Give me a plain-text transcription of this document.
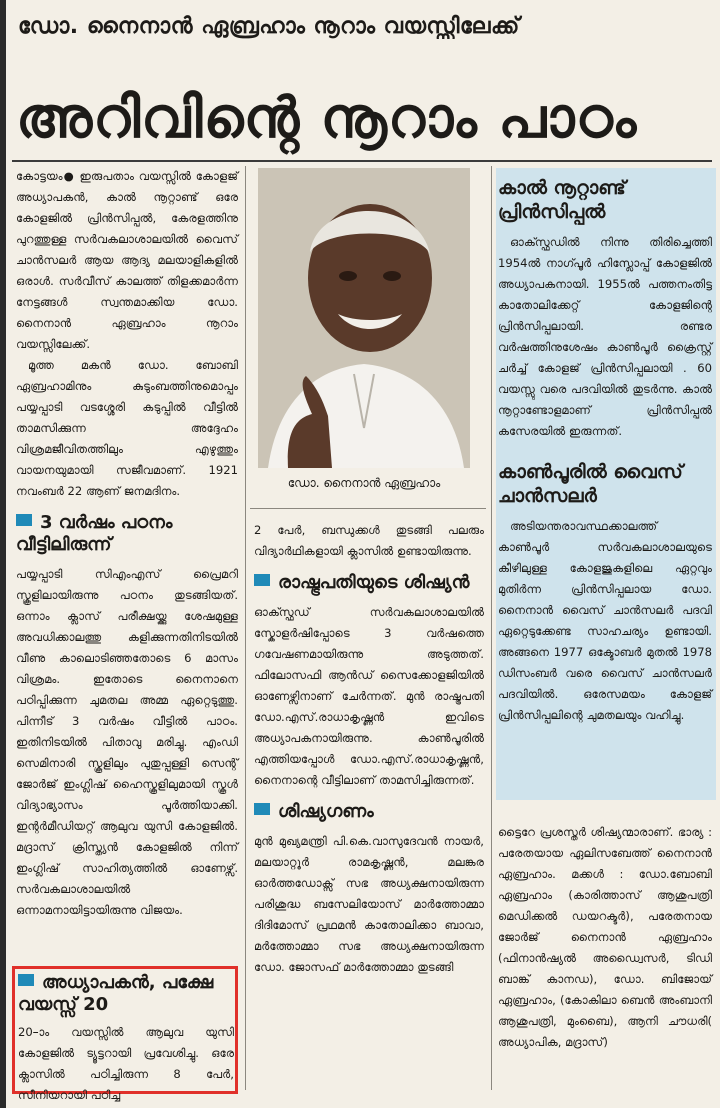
ഡോ. നൈനാൻ ഏബ്രഹാം നൂറാം വയസ്സിലേക്ക്
അറിവിന്റെ നൂറാം പാഠം

കോട്ടയം● ഇരുപതാം വയസ്സിൽ കോളജ് അധ്യാപകൻ, കാൽ നൂറ്റാണ്ട് ഒരേ കോളജിൽ പ്രിൻസിപ്പൽ, കേരളത്തിനു പുറത്തുള്ള സർവകലാശാലയിൽ വൈസ് ചാൻസലർ ആയ ആദ്യ മലയാളികളിൽ ഒരാൾ. സർവീസ് കാലത്ത് തിളക്കമാർന്ന നേട്ടങ്ങൾ സ്വന്തമാക്കിയ ഡോ. നൈനാൻ ഏബ്രഹാം നൂറാം വയസ്സിലേക്ക്.

മൂത്ത മകൻ ഡോ. ബോബി ഏബ്രഹാമിനും കുടുംബത്തിനുമൊപ്പം പയ്യപ്പാടി വടശ്ശേരി കടുപ്പിൽ വീട്ടിൽ താമസിക്കുന്ന അദ്ദേഹം വിശ്രമജീവിതത്തിലും എഴുത്തും വായനയുമായി സജീവമാണ്. 1921 നവംബർ 22 ആണ് ജനമദിനം.

3 വർഷം പഠനം വീട്ടിലിരുന്ന്

പയ്യപ്പാടി സിഎംഎസ് പ്രൈമറി സ്കൂളിലായിരുന്നു പഠനം തുടങ്ങിയത്. ഒന്നാം ക്ലാസ് പരീക്ഷയ്ക്കു ശേഷമുള്ള അവധിക്കാലത്തു കളിക്കുന്നതിനിടയിൽ വീണു കാലൊടിഞ്ഞതോടെ 6 മാസം വിശ്രമം. ഇതോടെ നൈനാനെ പഠിപ്പിക്കുന്ന ചുമതല അമ്മ ഏറ്റെടുത്തു. പിന്നീട് 3 വർഷം വീട്ടിൽ പാഠം. ഇതിനിടയിൽ പിതാവു മരിച്ചു. എംഡി സെമിനാരി സ്കൂളിലും പുതുപ്പള്ളി സെന്റ് ജോർജ് ഇംഗ്ലിഷ് ഹൈസ്കൂളിലുമായി സ്കൂൾ വിദ്യാഭ്യാസം പൂർത്തിയാക്കി. ഇന്റർമീഡിയറ്റ് ആലുവ യുസി കോളജിൽ. മദ്രാസ് ക്രിസ്ത്യൻ കോളജിൽ നിന്ന് ഇംഗ്ലിഷ് സാഹിത്യത്തിൽ ഓണേഴ്സ്. സർവകലാശാലയിൽ ഒന്നാമനായിട്ടായിരുന്നു വിജയം.

അധ്യാപകൻ, പക്ഷേ വയസ്സ് 20

20–ാം വയസ്സിൽ ആലുവ യുസി കോളജിൽ ട്യൂട്ടറായി പ്രവേശിച്ചു. ഒരേ ക്ലാസിൽ പഠിച്ചിരുന്ന 8 പേർ, സീനിയറായി പഠിച്ച

ഡോ. നൈനാൻ ഏബ്രഹാം

2 പേർ, ബന്ധുക്കൾ തുടങ്ങി പലരും വിദ്യാർഥികളായി ക്ലാസിൽ ഉണ്ടായിരുന്നു.

രാഷ്ട്രപതിയുടെ ശിഷ്യൻ

ഓക്സ്ഫഡ് സർവകലാശാലയിൽ സ്കോളർഷിപ്പോടെ 3 വർഷത്തെ ഗവേഷണമായിരുന്നു അടുത്തത്. ഫിലോസഫി ആൻഡ് സൈക്കോളജിയിൽ ഓണേഴ്സിനാണ് ചേർന്നത്. മുൻ രാഷ്ട്രപതി ഡോ.എസ്.രാധാകൃഷ്ണൻ ഇവിടെ അധ്യാപകനായിരുന്നു. കാൺപൂരിൽ എത്തിയപ്പോൾ ഡോ.എസ്.രാധാകൃഷ്ണൻ, നൈനാന്റെ വീട്ടിലാണ് താമസിച്ചിരുന്നത്.

ശിഷ്യഗണം

മുൻ മുഖ്യമന്ത്രി പി.കെ.വാസുദേവൻ നായർ, മലയാറ്റൂർ രാമകൃഷ്ണൻ, മലങ്കര ഓർത്തഡോക്സ് സഭ അധ്യക്ഷനായിരുന്ന പരിശുദ്ധ ബസേലിയോസ് മാർത്തോമ്മാ ദിദിമോസ് പ്രഥമൻ കാതോലിക്കാ ബാവാ, മർത്തോമ്മാ സഭ അധ്യക്ഷനായിരുന്ന ഡോ. ജോസഫ് മാർത്തോമ്മാ തുടങ്ങി

കാൽ നൂറ്റാണ്ട് പ്രിൻസിപ്പൽ

ഓക്സ്ഫഡിൽ നിന്നു തിരിച്ചെത്തി 1954ൽ നാഗ്പൂർ ഹിസ്ലോപ്പ് കോളജിൽ അധ്യാപകനായി. 1955ൽ പത്തനംതിട്ട കാതോലിക്കേറ്റ് കോളജിന്റെ പ്രിൻസിപ്പലായി. രണ്ടര വർഷത്തിനുശേഷം കാൺപൂർ ക്രൈസ്റ്റ് ചർച്ച് കോളജ് പ്രിൻസിപ്പലായി . 60 വയസ്സു വരെ പദവിയിൽ തുടർന്നു. കാൽ നൂറ്റാണ്ടോളമാണ് പ്രിൻസിപ്പൽ കസേരയിൽ ഇരുന്നത്.

കാൺപൂരിൽ വൈസ് ചാൻസലർ

അടിയന്തരാവസ്ഥക്കാലത്ത് കാൺപൂർ സർവകലാശാലയുടെ കീഴിലുള്ള കോളജുകളിലെ ഏറ്റവും മുതിർന്ന പ്രിൻസിപ്പലായ ഡോ. നൈനാൻ വൈസ് ചാൻസലർ പദവി ഏറ്റെടുക്കേണ്ട സാഹചര്യം ഉണ്ടായി. അങ്ങനെ 1977 ഒക്ടോബർ മുതൽ 1978 ഡിസംബർ വരെ വൈസ് ചാൻസലർ പദവിയിൽ. ഒരേസമയം കോളജ് പ്രിൻസിപ്പലിന്റെ ചുമതലയും വഹിച്ചു.

ട്ടൈറേ പ്രശസ്തർ ശിഷ്യന്മാരാണ്. ഭാര്യ : പരേതയായ ഏലിസബേത്ത് നൈനാൻ ഏബ്രഹാം. മക്കൾ : ഡോ.ബോബി ഏബ്രഹാം (കാരിത്താസ് ആശുപത്രി മെഡിക്കൽ ഡയറക്ടർ), പരേതനായ ജോർജ് നൈനാൻ ഏബ്രഹാം (ഫിനാൻഷ്യൽ അഡ്വൈസർ, ടിഡി ബാങ്ക് കാനഡ), ഡോ. ബിജോയ് ഏബ്രഹാം, (കോകിലാ ബെൻ അംബാനി ആശുപത്രി, മുംബൈ), ആനി ചൗധരി( അധ്യാപിക, മദ്രാസ്)
